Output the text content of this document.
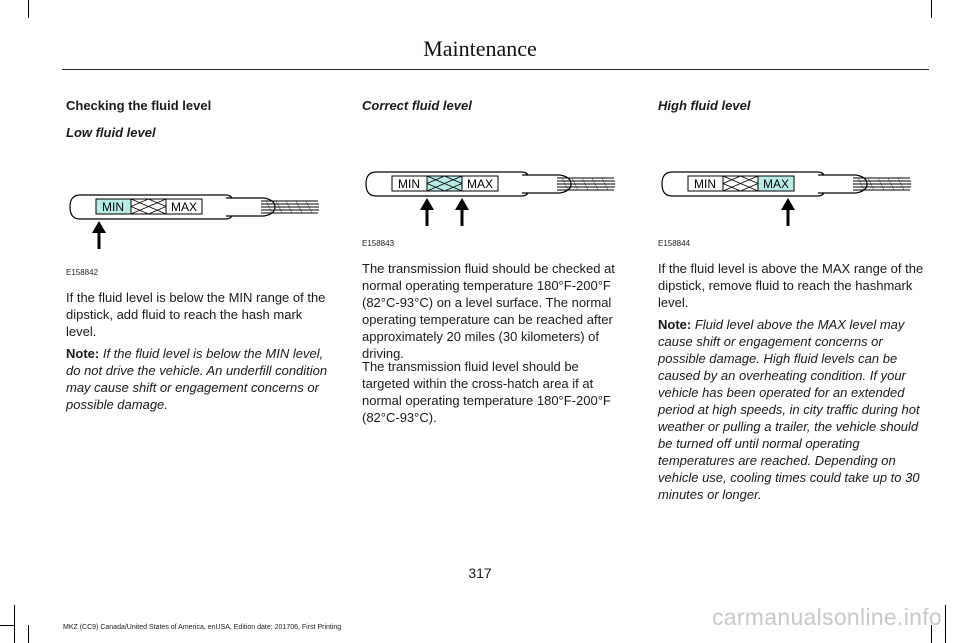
Maintenance
Checking the fluid level
Low fluid level
MIN	MAX
E158842

If the fluid level is below the MIN range of the dipstick, add fluid to reach the hash mark level.

Note: If the fluid level is below the MIN level, do not drive the vehicle. An underfill condition may cause shift or engagement concerns or possible damage.

Correct fluid level
MIN	MAX
E158843

The transmission fluid should be checked at normal operating temperature 180°F-200°F (82°C-93°C) on a level surface. The normal operating temperature can be reached after approximately 20 miles (30 kilometers) of driving.

The transmission fluid level should be targeted within the cross-hatch area if at normal operating temperature 180°F-200°F (82°C-93°C).

High fluid level
MIN	MAX
E158844

If the fluid level is above the MAX range of the dipstick, remove fluid to reach the hashmark level.

Note: Fluid level above the MAX level may cause shift or engagement concerns or possible damage. High fluid levels can be caused by an overheating condition. If your vehicle has been operated for an extended period at high speeds, in city traffic during hot weather or pulling a trailer, the vehicle should be turned off until normal operating temperatures are reached. Depending on vehicle use, cooling times could take up to 30 minutes or longer.

317
MKZ (CC9) Canada/United States of America, enUSA, Edition date: 201706, First Printing	carmanualsonline.info
